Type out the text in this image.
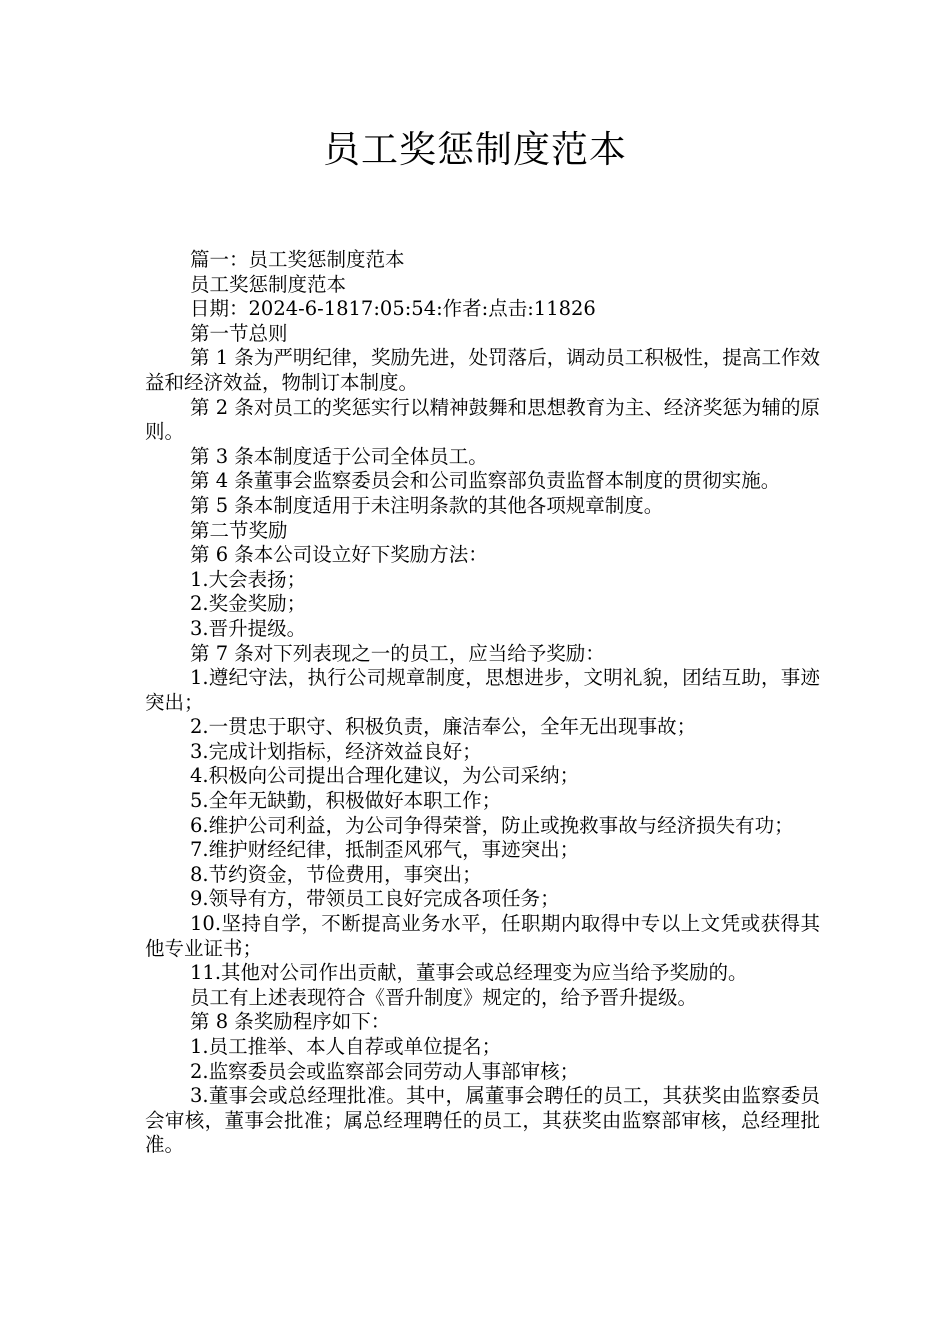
员工奖惩制度范本

篇一：员工奖惩制度范本

员工奖惩制度范本

日期：2024-6-1817:05:54:作者:点击:11826

第一节总则

第 1 条为严明纪律，奖励先进，处罚落后，调动员工积极性，提高工作效益和经济效益，物制订本制度。

第 2 条对员工的奖惩实行以精神鼓舞和思想教育为主、经济奖惩为辅的原则。

第 3 条本制度适于公司全体员工。

第 4 条董事会监察委员会和公司监察部负责监督本制度的贯彻实施。

第 5 条本制度适用于未注明条款的其他各项规章制度。

第二节奖励

第 6 条本公司设立好下奖励方法：

1.大会表扬；

2.奖金奖励；

3.晋升提级。

第 7 条对下列表现之一的员工，应当给予奖励：

1.遵纪守法，执行公司规章制度，思想进步，文明礼貌，团结互助，事迹突出；

2.一贯忠于职守、积极负责，廉洁奉公，全年无出现事故；

3.完成计划指标，经济效益良好；

4.积极向公司提出合理化建议，为公司采纳；

5.全年无缺勤，积极做好本职工作；

6.维护公司利益，为公司争得荣誉，防止或挽救事故与经济损失有功；

7.维护财经纪律，抵制歪风邪气，事迹突出；

8.节约资金，节俭费用，事突出；

9.领导有方，带领员工良好完成各项任务；

10.坚持自学，不断提高业务水平，任职期内取得中专以上文凭或获得其他专业证书；

11.其他对公司作出贡献，董事会或总经理变为应当给予奖励的。

员工有上述表现符合《晋升制度》规定的，给予晋升提级。

第 8 条奖励程序如下：

1.员工推举、本人自荐或单位提名；

2.监察委员会或监察部会同劳动人事部审核；

3.董事会或总经理批准。其中，属董事会聘任的员工，其获奖由监察委员会审核，董事会批准；属总经理聘任的员工，其获奖由监察部审核，总经理批准。
